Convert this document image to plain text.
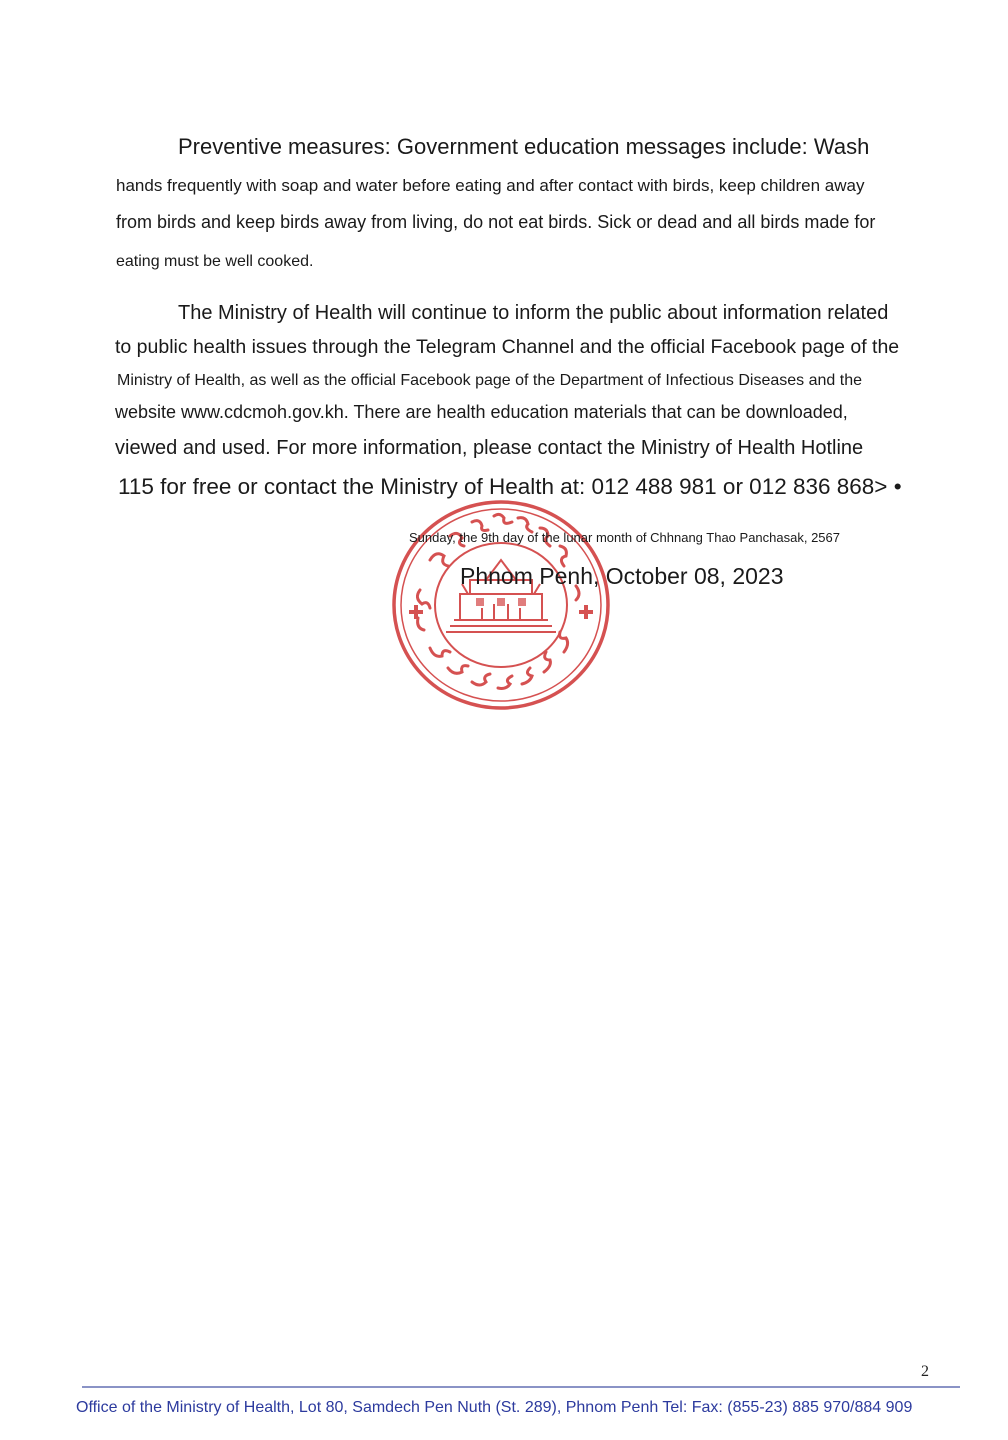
Preventive measures: Government education messages include: Wash

hands frequently with soap and water before eating and after contact with birds, keep children away

from birds and keep birds away from living, do not eat birds. Sick or dead and all birds made for

eating must be well cooked.

The Ministry of Health will continue to inform the public about information related

to public health issues through the Telegram Channel and the official Facebook page of the

Ministry of Health, as well as the official Facebook page of the Department of Infectious Diseases and the

website www.cdcmoh.gov.kh. There are health education materials that can be downloaded,

viewed and used. For more information, please contact the Ministry of Health Hotline

115 for free or contact the Ministry of Health at: 012 488 981 or 012 836 868> •

Sunday, the 9th day of the lunar month of Chhnang Thao Panchasak, 2567

Phnom Penh, October 08, 2023

2
Office of the Ministry of Health, Lot 80, Samdech Pen Nuth (St. 289), Phnom Penh Tel: Fax: (855-23) 885 970/884 909
